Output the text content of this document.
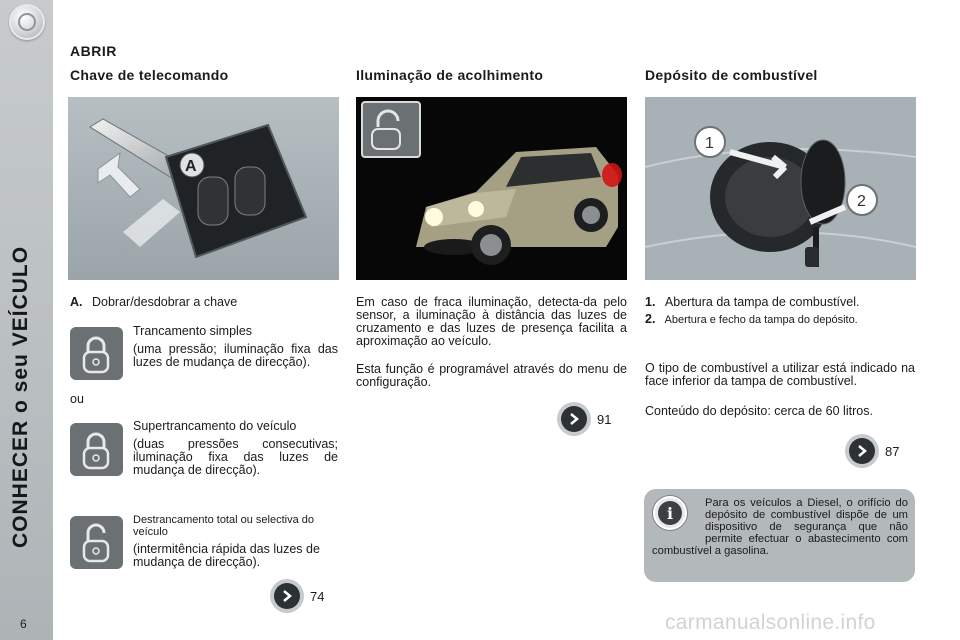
CONHECER o seu VEÍCULO
6
ABRIR
Chave de telecomando	Iluminação de acolhimento	Depósito de combustível
A
1
2
A. Dobrar/desdobrar a chave
Trancamento simples
(uma pressão; iluminação fixa das luzes de mudança de direcção).
ou
Supertrancamento do veículo
(duas pressões consecutivas; iluminação fixa das luzes de mudança de direcção).
Destrancamento total ou selectiva do veículo
(intermitência rápida das luzes de mudança de direcção).
74
Em caso de fraca iluminação, detecta-da pelo sensor, a iluminação à distância das luzes de cruzamento e das luzes de presença facilita a aproximação ao veículo.
Esta função é programável através do menu de configuração.
91
1. Abertura da tampa de combustível.
2. Abertura e fecho da tampa do depósito.
O tipo de combustível a utilizar está indicado na face inferior da tampa de combustível.
Conteúdo do depósito: cerca de 60 litros.
87
i
Para os veículos a Diesel, o orifício do depósito de combustível dispõe de um dispositivo de segurança que não permite efectuar o abastecimento com combustível a gasolina.
carmanualsonline.info
